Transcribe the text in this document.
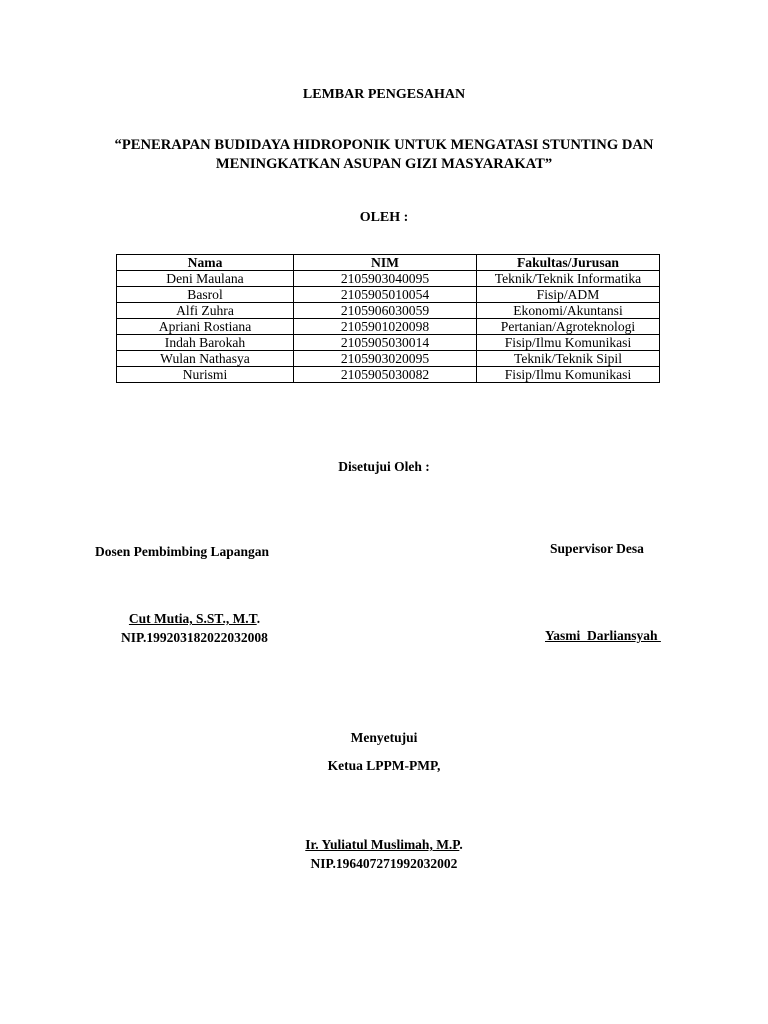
LEMBAR PENGESAHAN
“PENERAPAN BUDIDAYA HIDROPONIK UNTUK MENGATASI STUNTING DAN
MENINGKATKAN ASUPAN GIZI MASYARAKAT”
OLEH :
Nama	NIM	Fakultas/Jurusan
Deni Maulana	2105903040095	Teknik/Teknik Informatika
Basrol	2105905010054	Fisip/ADM
Alfi Zuhra	2105906030059	Ekonomi/Akuntansi
Apriani Rostiana	2105901020098	Pertanian/Agroteknologi
Indah Barokah	2105905030014	Fisip/Ilmu Komunikasi
Wulan Nathasya	2105903020095	Teknik/Teknik Sipil
Nurismi	2105905030082	Fisip/Ilmu Komunikasi
Disetujui Oleh :
Dosen Pembimbing Lapangan
Cut Mutia, S.ST., M.T.
NIP.199203182022032008
Supervisor Desa
Yasmi  Darliansyah
Menyetujui
Ketua LPPM-PMP,
Ir. Yuliatul Muslimah, M.P.
NIP.196407271992032002
